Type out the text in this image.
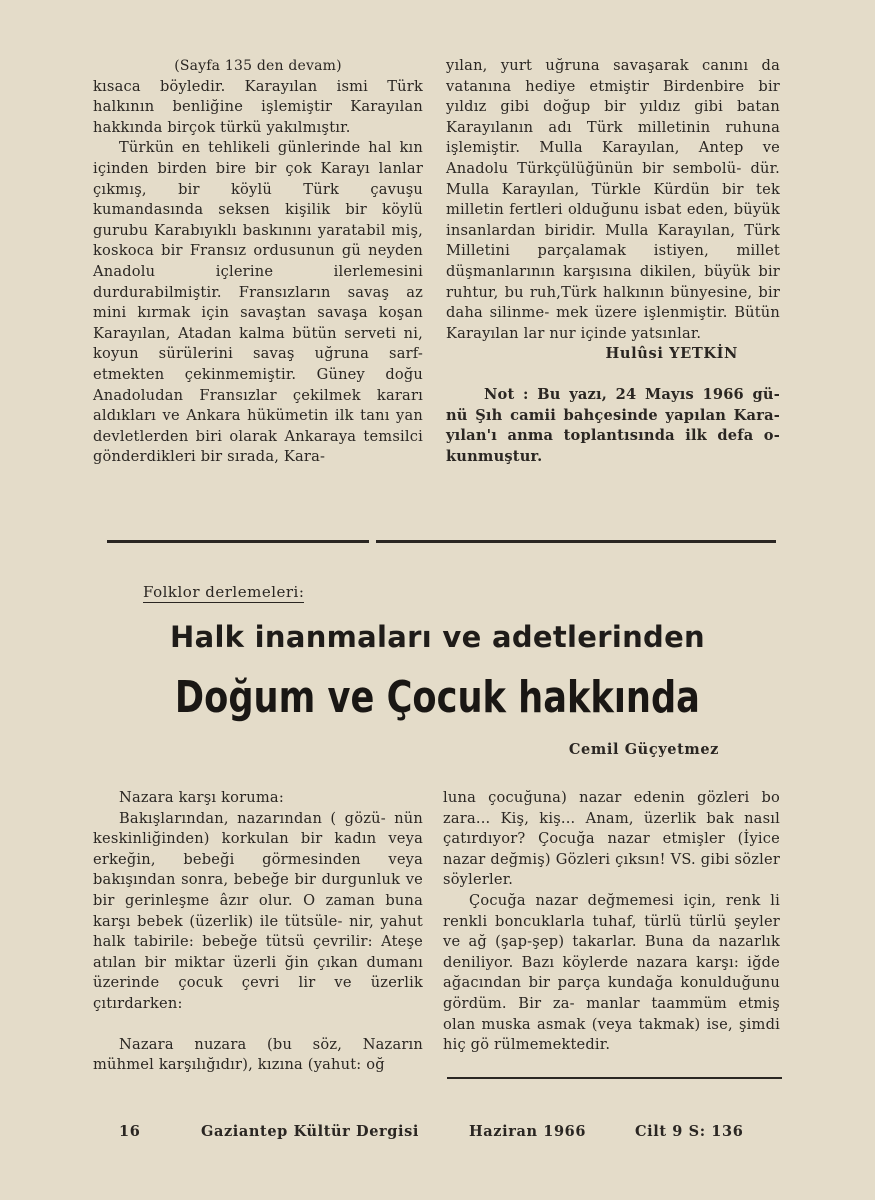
(Sayfa 135 den devam)

kısaca böyledir. Karayılan ismi Türk halkının benliğine işlemiştir Karayılan hakkında birçok türkü yakılmıştır.

Türkün en tehlikeli günlerinde hal kın içinden birden bire bir çok Karayı lanlar çıkmış, bir köylü Türk çavuşu kumandasında seksen kişilik bir köylü gurubu Karabıyıklı baskınını yaratabil miş, koskoca bir Fransız ordusunun gü neyden Anadolu içlerine ilerlemesini durdurabilmiştir. Fransızların savaş az mini kırmak için savaştan savaşa koşan Karayılan, Atadan kalma bütün serveti ni, koyun sürülerini savaş uğruna sarf- etmekten çekinmemiştir. Güney doğu Anadoludan Fransızlar çekilmek kararı aldıkları ve Ankara hükümetin ilk tanı yan devletlerden biri olarak Ankaraya temsilci gönderdikleri bir sırada, Kara-

yılan, yurt uğruna savaşarak canını da vatanına hediye etmiştir Birdenbire bir yıldız gibi doğup bir yıldız gibi batan Karayılanın adı Türk milletinin ruhuna işlemiştir. Mulla Karayılan, Antep ve Anadolu Türkçülüğünün bir sembolü- dür. Mulla Karayılan, Türkle Kürdün bir tek milletin fertleri olduğunu isbat eden, büyük insanlardan biridir. Mulla Karayılan, Türk Milletini parçalamak istiyen, millet düşmanlarının karşısına dikilen, büyük bir ruhtur, bu ruh,Türk halkının bünyesine, bir daha silinme- mek üzere işlenmiştir. Bütün Karayılan lar nur içinde yatsınlar.

Hulûsi YETKİN

Not : Bu yazı, 24 Mayıs 1966 gü- nü Şıh camii bahçesinde yapılan Kara- yılan'ı anma toplantısında ilk defa o- kunmuştur.

Folklor derlemeleri:
Halk inanmaları ve adetlerinden
Doğum ve Çocuk hakkında
Cemil Güçyetmez

Nazara karşı koruma:

Bakışlarından, nazarından ( gözü- nün keskinliğinden) korkulan bir kadın veya erkeğin, bebeği görmesinden veya bakışından sonra, bebeğe bir durgunluk ve bir gerinleşme âzır olur. O zaman buna karşı bebek (üzerlik) ile tütsüle- nir, yahut halk tabirile: bebeğe tütsü çevrilir: Ateşe atılan bir miktar üzerli ğin çıkan dumanı üzerinde çocuk çevri lir ve üzerlik çıtırdarken:

Nazara nuzara (bu söz, Nazarın mühmel karşılığıdır), kızına (yahut: oğ

luna çocuğuna) nazar edenin gözleri bo zara... Kiş, kiş... Anam, üzerlik bak nasıl çatırdıyor? Çocuğa nazar etmişler (İyice nazar değmiş) Gözleri çıksın! VS. gibi sözler söylerler.

Çocuğa nazar değmemesi için, renk li renkli boncuklarla tuhaf, türlü türlü şeyler ve ağ (şap-şep) takarlar. Buna da nazarlık deniliyor. Bazı köylerde nazara karşı: iğde ağacından bir parça kundağa konulduğunu gördüm. Bir za- manlar taammüm etmiş olan muska asmak (veya takmak) ise, şimdi hiç gö rülmemektedir.

16	Gaziantep Kültür Dergisi	Haziran 1966	Cilt 9 S: 136
